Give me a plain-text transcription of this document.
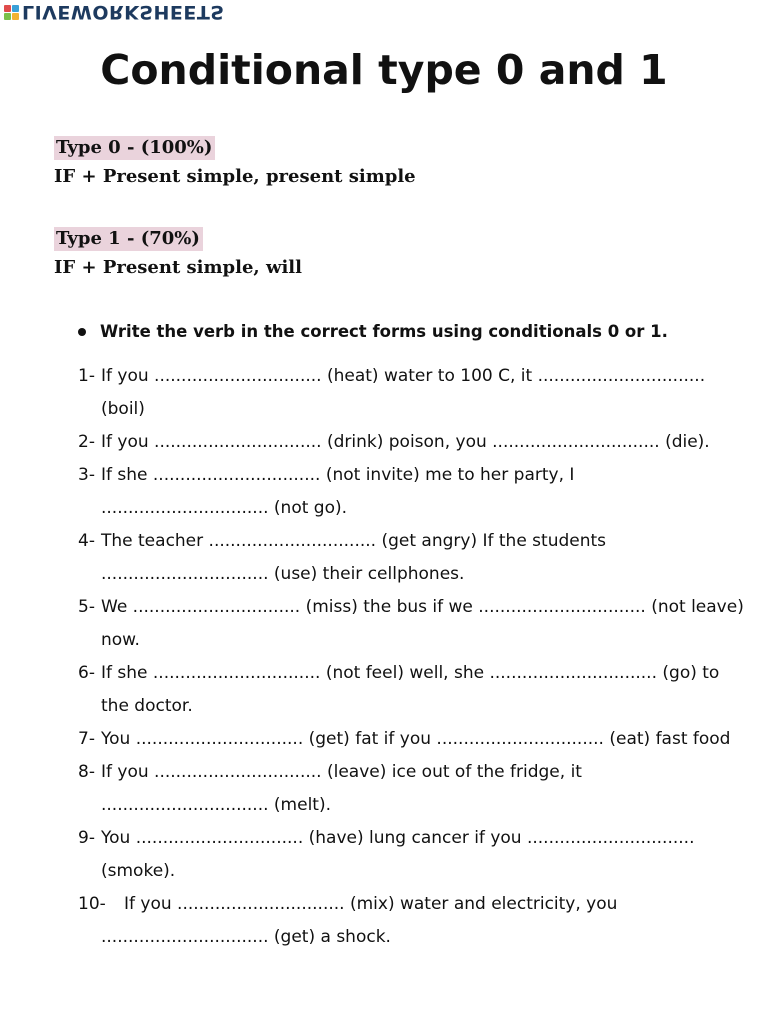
LIVEWORKSHEETS
Conditional type 0 and 1
Type 0 - (100%)
IF + Present simple, present simple
Type 1 - (70%)
IF + Present simple, will
Write the verb in the correct forms using conditionals 0 or 1.
1- If you ............................... (heat) water to 100 C, it ...............................
(boil)
2- If you ............................... (drink) poison, you ............................... (die).
3- If she ............................... (not invite) me to her party, I
............................... (not go).
4- The teacher ............................... (get angry) If the students
............................... (use) their cellphones.
5- We ............................... (miss) the bus if we ............................... (not leave)
now.
6- If she ............................... (not feel) well, she ............................... (go) to
the doctor.
7- You ............................... (get) fat if you ............................... (eat) fast food
8- If you ............................... (leave) ice out of the fridge, it
............................... (melt).
9- You ............................... (have) lung cancer if you ...............................
(smoke).
10- If you ............................... (mix) water and electricity, you
............................... (get) a shock.
